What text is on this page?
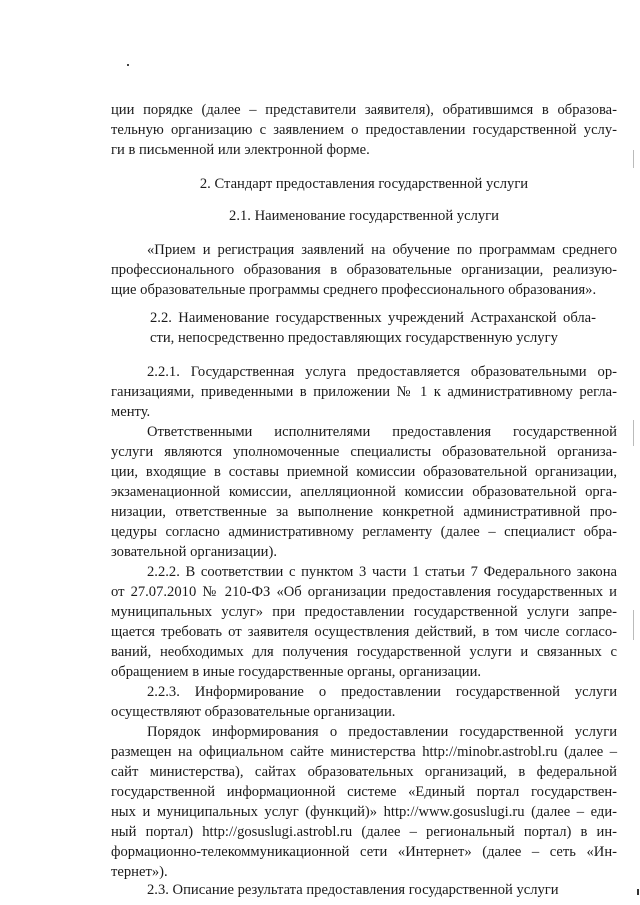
ции порядке (далее – представители заявителя), обратившимся в образова-
тельную организацию с заявлением о предоставлении государственной услу-
ги в письменной или электронной форме.
2. Стандарт предоставления государственной услуги
2.1. Наименование государственной услуги
«Прием и регистрация заявлений на обучение по программам среднего
профессионального образования в образовательные организации, реализую-
щие образовательные программы среднего профессионального образования».
2.2. Наименование государственных учреждений Астраханской обла-
сти, непосредственно предоставляющих государственную услугу
2.2.1. Государственная услуга предоставляется образовательными ор-
ганизациями, приведенными в приложении № 1 к административному регла-
менту.
Ответственными исполнителями предоставления государственной
услуги являются уполномоченные специалисты образовательной организа-
ции, входящие в составы приемной комиссии образовательной организации,
экзаменационной комиссии, апелляционной комиссии образовательной орга-
низации, ответственные за выполнение конкретной административной про-
цедуры согласно административному регламенту (далее – специалист обра-
зовательной организации).
2.2.2. В соответствии с пунктом 3 части 1 статьи 7 Федерального закона
от 27.07.2010 № 210-ФЗ «Об организации предоставления государственных и
муниципальных услуг» при предоставлении государственной услуги запре-
щается требовать от заявителя осуществления действий, в том числе согласо-
ваний, необходимых для получения государственной услуги и связанных с
обращением в иные государственные органы, организации.
2.2.3. Информирование о предоставлении государственной услуги
осуществляют образовательные организации.
Порядок информирования о предоставлении государственной услуги
размещен на официальном сайте министерства http://minobr.astrobl.ru (далее –
сайт министерства), сайтах образовательных организаций, в федеральной
государственной информационной системе «Единый портал государствен-
ных и муниципальных услуг (функций)» http://www.gosuslugi.ru (далее – еди-
ный портал) http://gosuslugi.astrobl.ru (далее – региональный портал) в ин-
формационно-телекоммуникационной сети «Интернет» (далее – сеть «Ин-
тернет»).
2.3. Описание результата предоставления государственной услуги
